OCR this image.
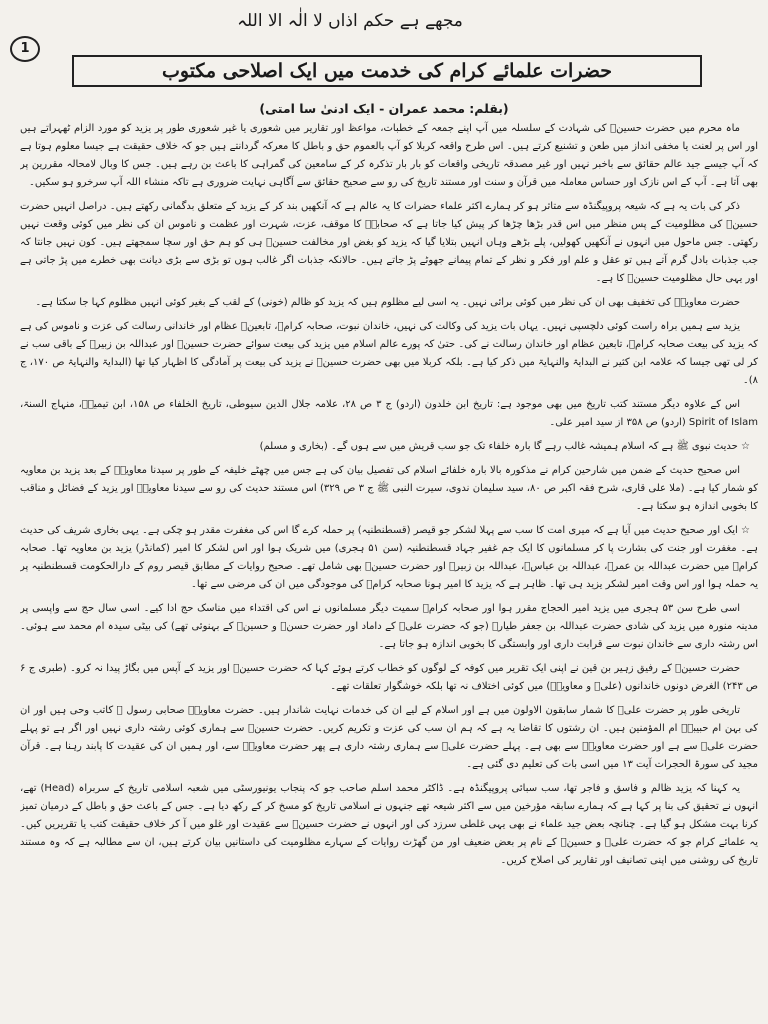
مجھے ہے حکم اذاں لا الٰہ الا اللہ
1
حضرات علمائے کرام کی خدمت میں ایک اصلاحی مکتوب
(بقلم: محمد عمران - ایک ادنیٰ سا امتی)

ماہ محرم میں حضرت حسینؓ کی شہادت کے سلسلہ میں آپ اپنے جمعہ کے خطبات، مواعظ اور تقاریر میں شعوری یا غیر شعوری طور پر یزید کو مورد الزام ٹھہراتے ہیں اور اس پر لعنت یا مخفی انداز میں طعن و تشنیع کرتے ہیں۔ اس طرح واقعہ کربلا کو آپ بالعموم حق و باطل کا معرکہ گردانتے ہیں جو کہ خلاف حقیقت ہے جیسا معلوم ہوتا ہے کہ آپ جیسے جید عالم حقائق سے باخبر نہیں اور غیر مصدقہ تاریخی واقعات کو بار بار تذکرہ کر کے سامعین کی گمراہی کا باعث بن رہے ہیں۔ جس کا وبال لامحالہ مقررین پر بھی آتا ہے۔ آپ کے اس نازک اور حساس معاملہ میں قرآن و سنت اور مستند تاریخ کی رو سے صحیح حقائق سے آگاہی نہایت ضروری ہے تاکہ منشاء اللہ آپ سرخرو ہو سکیں۔

ذکر کی بات یہ ہے کہ شیعہ پروپیگنڈہ سے متاثر ہو کر ہمارے اکثر علماء حضرات کا یہ عالم ہے کہ آنکھیں بند کر کے یزید کے متعلق بدگمانی رکھتے ہیں۔ دراصل انہیں حضرت حسینؓ کی مظلومیت کے پس منظر میں اس قدر بڑھا چڑھا کر پیش کیا جاتا ہے کہ صحابہؓ کا موقف، عزت، شہرت اور عظمت و ناموس ان کی نظر میں کوئی وقعت نہیں رکھتی۔ جس ماحول میں انہوں نے آنکھیں کھولیں، پلے بڑھے وہاں انہیں بتلایا گیا کہ یزید کو بغض اور مخالفت حسینؓ ہی کو ہم حق اور سچا سمجھتے ہیں۔ کون نہیں جانتا کہ جب جذبات بادل گرم آتے ہیں تو عقل و علم اور فکر و نظر کے تمام پیمانے جھوٹے پڑ جاتے ہیں۔ حالانکہ جذبات اگر غالب ہوں تو بڑی سے بڑی دیانت بھی خطرے میں پڑ جاتی ہے اور یہی حال مظلومیت حسینؓ کا ہے۔

حضرت معاویہؓ کی تخفیف بھی ان کی نظر میں کوئی برائی نہیں۔ یہ اسی لیے مظلوم ہیں کہ یزید کو ظالم (خونی) کے لقب کے بغیر کوئی انہیں مظلوم کہا جا سکتا ہے۔

یزید سے ہمیں براہ راست کوئی دلچسپی نہیں۔ یہاں بات یزید کی وکالت کی نہیں، خاندان نبوت، صحابہ کرامؓ، تابعینؒ عظام اور خاندانی رسالت کی عزت و ناموس کی ہے کہ یزید کی بیعت صحابہ کرامؓ، تابعین عظام اور خاندان رسالت نے کی۔ حتیٰ کہ پورے عالم اسلام میں یزید کی بیعت سوائے حضرت حسینؓ اور عبداللہ بن زبیرؓ کے باقی سب نے کر لی تھی جیسا کہ علامہ ابن کثیر نے البدایۃ والنہایۃ میں ذکر کیا ہے۔ بلکہ کربلا میں بھی حضرت حسینؓ نے یزید کی بیعت پر آمادگی کا اظہار کیا تھا (البدایۃ والنہایۃ ص ۱۷۰، ج ۸)۔

اس کے علاوہ دیگر مستند کتب تاریخ میں بھی موجود ہے: تاریخ ابن خلدون (اردو) ج ۳ ص ۲۸، علامہ جلال الدین سیوطی، تاریخ الخلفاء ص ۱۵۸، ابن تیمیہؒ، منہاج السنۃ، Spirit of Islam (اردو) ص ۳۵۸ از سید امیر علی۔

☆ حدیث نبوی ﷺ ہے کہ اسلام ہمیشہ غالب رہے گا بارہ خلفاء تک جو سب قریش میں سے ہوں گے۔ (بخاری و مسلم)

اس صحیح حدیث کے ضمن میں شارحین کرام نے مذکورہ بالا بارہ خلفائے اسلام کی تفصیل بیان کی ہے جس میں چھٹے خلیفہ کے طور پر سیدنا معاویہؓ کے بعد یزید بن معاویہ کو شمار کیا ہے۔ (ملا علی قاری، شرح فقہ اکبر ص ۸۰، سید سلیمان ندوی، سیرت النبی ﷺ ج ۳ ص ۳۲۹) اس مستند حدیث کی رو سے سیدنا معاویہؓ اور یزید کے فضائل و مناقب کا بخوبی اندازہ ہو سکتا ہے۔

☆ ایک اور صحیح حدیث میں آیا ہے کہ میری امت کا سب سے پہلا لشکر جو قیصر (قسطنطنیہ) پر حملہ کرے گا اس کی مغفرت مقدر ہو چکی ہے۔ یہی بخاری شریف کی حدیث ہے۔ مغفرت اور جنت کی بشارت پا کر مسلمانوں کا ایک جم غفیر جہاد قسطنطنیہ (سن ۵۱ ہجری) میں شریک ہوا اور اس لشکر کا امیر (کمانڈر) یزید بن معاویہ تھا۔ صحابہ کرامؓ میں حضرت عبداللہ بن عمرؓ، عبداللہ بن عباسؓ، عبداللہ بن زبیرؓ اور حضرت حسینؓ بھی شامل تھے۔ صحیح روایات کے مطابق قیصر روم کے دارالحکومت قسطنطنیہ پر یہ حملہ ہوا اور اس وقت امیر لشکر یزید ہی تھا۔ ظاہر ہے کہ یزید کا امیر ہونا صحابہ کرامؓ کی موجودگی میں ان کی مرضی سے تھا۔

اسی طرح سن ۵۳ ہجری میں یزید امیر الحجاج مقرر ہوا اور صحابہ کرامؓ سمیت دیگر مسلمانوں نے اس کی اقتداء میں مناسک حج ادا کیے۔ اسی سال حج سے واپسی پر مدینہ منورہ میں یزید کی شادی حضرت عبداللہ بن جعفر طیارؓ (جو کہ حضرت علیؓ کے داماد اور حضرت حسنؓ و حسینؓ کے بہنوئی تھے) کی بیٹی سیدہ ام محمد سے ہوئی۔ اس رشتہ داری سے خاندان نبوت سے قرابت داری اور وابستگی کا بخوبی اندازہ ہو جاتا ہے۔

حضرت حسینؓ کے رفیق زہیر بن قین نے اپنی ایک تقریر میں کوفہ کے لوگوں کو خطاب کرتے ہوئے کہا کہ حضرت حسینؓ اور یزید کے آپس میں بگاڑ پیدا نہ کرو۔ (طبری ج ۶ ص ۲۴۳) الغرض دونوں خاندانوں (علیؓ و معاویہؓ) میں کوئی اختلاف نہ تھا بلکہ خوشگوار تعلقات تھے۔

تاریخی طور پر حضرت علیؓ کا شمار سابقون الاولون میں ہے اور اسلام کے لیے ان کی خدمات نہایت شاندار ہیں۔ حضرت معاویہؓ صحابی رسول ﷺ کاتب وحی ہیں اور ان کی بہن ام حبیبہؓ ام المؤمنین ہیں۔ ان رشتوں کا تقاضا یہ ہے کہ ہم ان سب کی عزت و تکریم کریں۔ حضرت حسینؓ سے ہماری کوئی رشتہ داری نہیں اور اگر ہے تو پہلے حضرت علیؓ سے ہے اور حضرت معاویہؓ سے بھی ہے۔ پہلے حضرت علیؓ سے ہماری رشتہ داری ہے پھر حضرت معاویہؓ سے، اور ہمیں ان کی عقیدت کا پابند رہنا ہے۔ قرآن مجید کی سورۃ الحجرات آیت ۱۳ میں اسی بات کی تعلیم دی گئی ہے۔

یہ کہنا کہ یزید ظالم و فاسق و فاجر تھا، سب سبائی پروپیگنڈہ ہے۔ ڈاکٹر محمد اسلم صاحب جو کہ پنجاب یونیورسٹی میں شعبہ اسلامی تاریخ کے سربراہ (Head) تھے، انہوں نے تحقیق کی بنا پر کہا ہے کہ ہمارے سابقہ مؤرخین میں سے اکثر شیعہ تھے جنہوں نے اسلامی تاریخ کو مسخ کر کے رکھ دیا ہے۔ جس کے باعث حق و باطل کے درمیان تمیز کرنا بہت مشکل ہو گیا ہے۔ چنانچہ بعض جید علماء نے بھی یہی غلطی سرزد کی اور انہوں نے حضرت حسینؓ سے عقیدت اور غلو میں آ کر خلاف حقیقت کتب یا تقریریں کیں۔ یہ علمائے کرام جو کہ حضرت علیؓ و حسینؓ کے نام پر بعض ضعیف اور من گھڑت روایات کے سہارے مظلومیت کی داستانیں بیان کرتے ہیں، ان سے مطالبہ ہے کہ وہ مستند تاریخ کی روشنی میں اپنی تصانیف اور تقاریر کی اصلاح کریں۔
